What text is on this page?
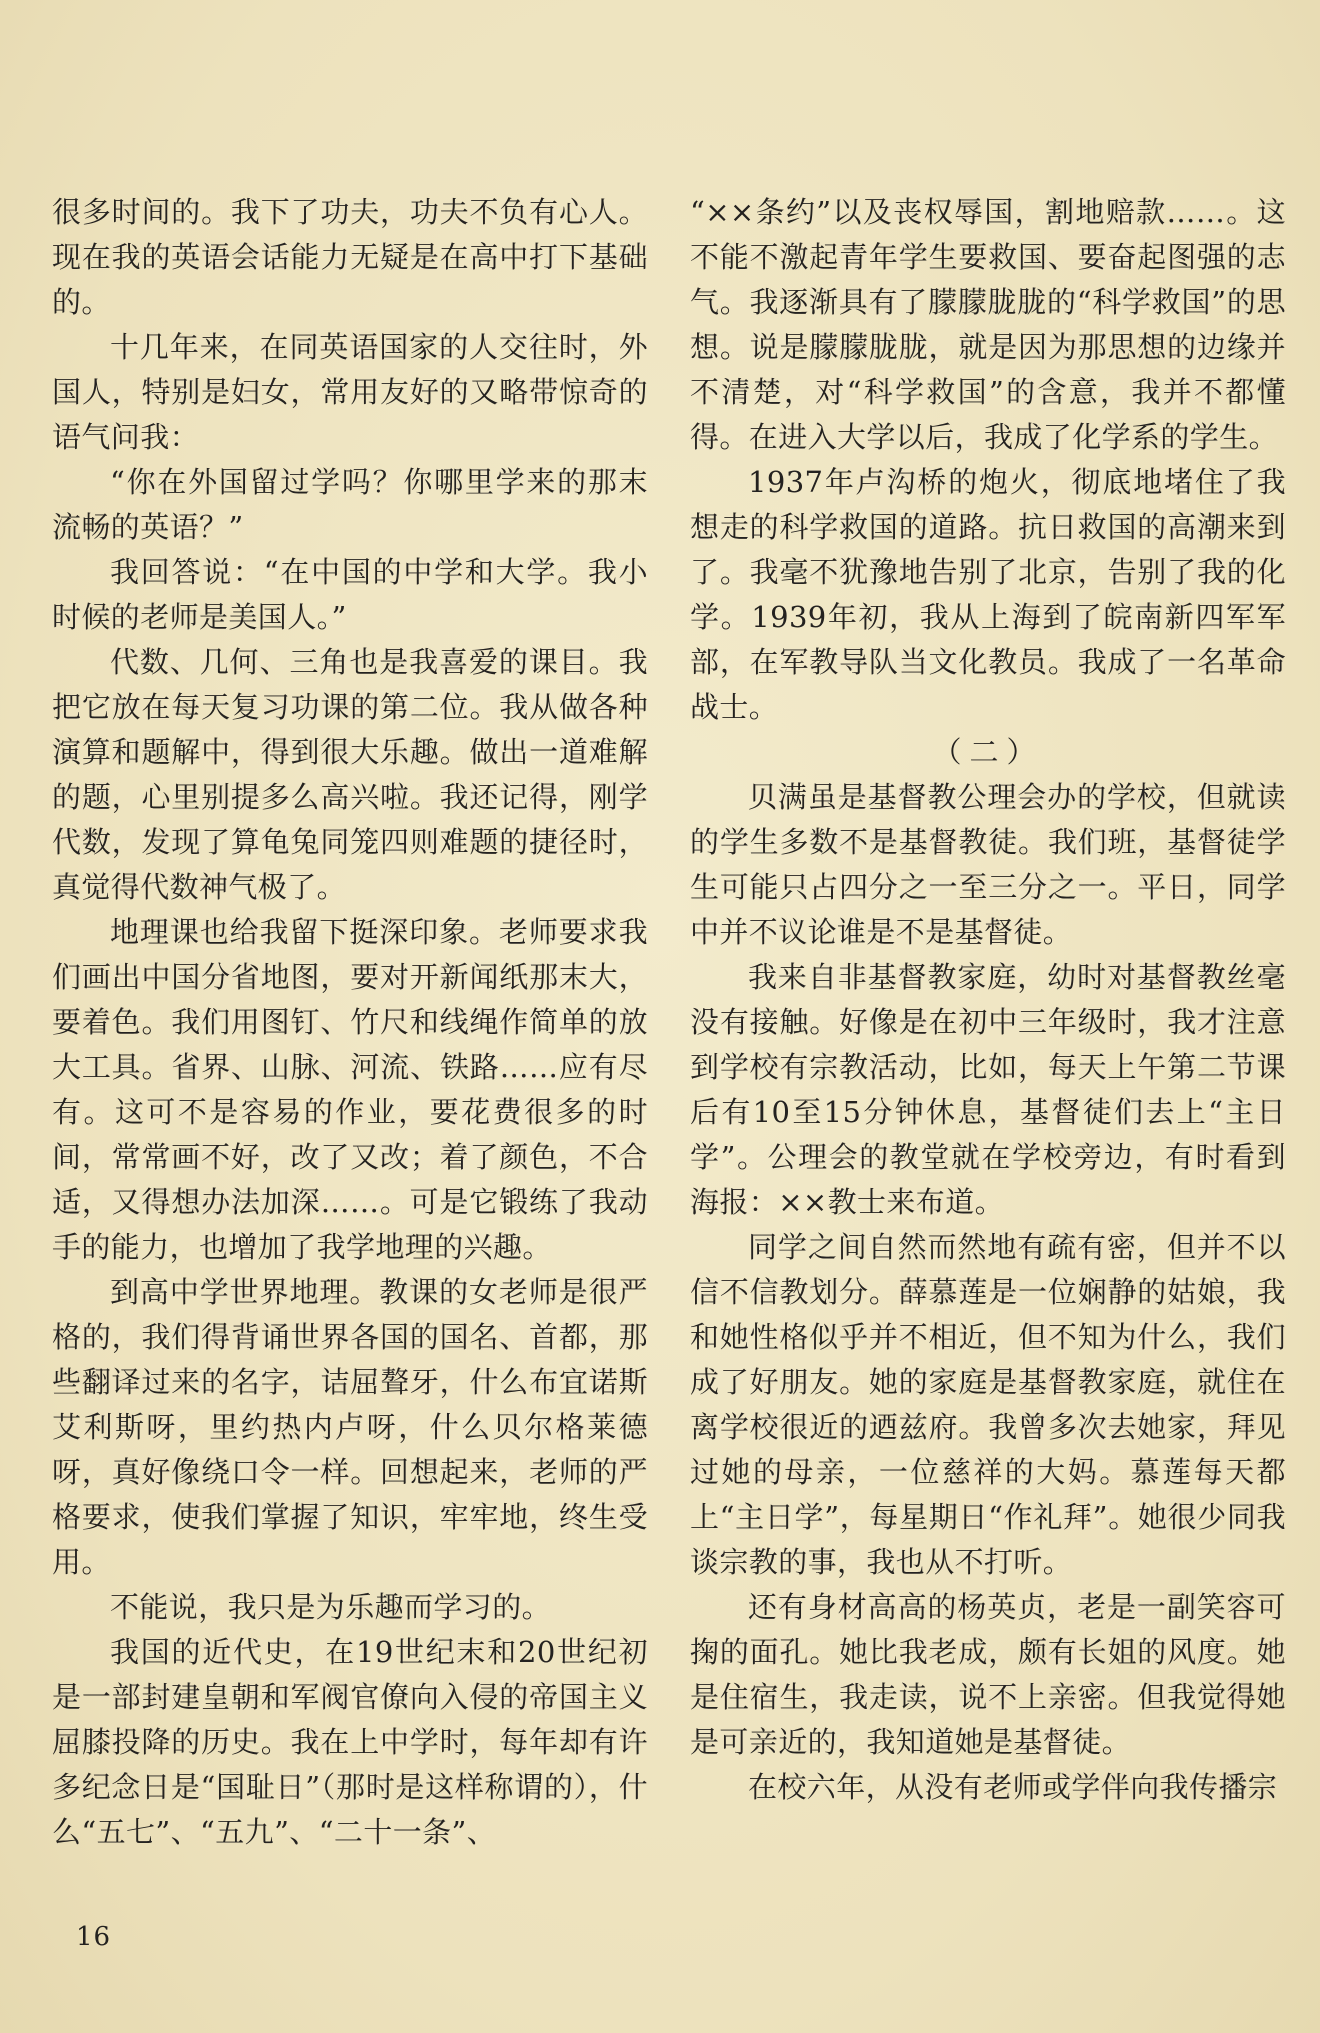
很多时间的。我下了功夫，功夫不负有心人。现在我的英语会话能力无疑是在高中打下基础的。

十几年来，在同英语国家的人交往时，外国人，特别是妇女，常用友好的又略带惊奇的语气问我：

“你在外国留过学吗？你哪里学来的那末流畅的英语？”

我回答说：“在中国的中学和大学。我小时候的老师是美国人。”

代数、几何、三角也是我喜爱的课目。我把它放在每天复习功课的第二位。我从做各种演算和题解中，得到很大乐趣。做出一道难解的题，心里别提多么高兴啦。我还记得，刚学代数，发现了算龟兔同笼四则难题的捷径时，真觉得代数神气极了。

地理课也给我留下挺深印象。老师要求我们画出中国分省地图，要对开新闻纸那末大，要着色。我们用图钉、竹尺和线绳作简单的放大工具。省界、山脉、河流、铁路……应有尽有。这可不是容易的作业，要花费很多的时间，常常画不好，改了又改；着了颜色，不合适，又得想办法加深……。可是它锻练了我动手的能力，也增加了我学地理的兴趣。

到高中学世界地理。教课的女老师是很严格的，我们得背诵世界各国的国名、首都，那些翻译过来的名字，诘屈聱牙，什么布宜诺斯艾利斯呀，里约热内卢呀，什么贝尔格莱德呀，真好像绕口令一样。回想起来，老师的严格要求，使我们掌握了知识，牢牢地，终生受用。

不能说，我只是为乐趣而学习的。

我国的近代史，在19世纪末和20世纪初是一部封建皇朝和军阀官僚向入侵的帝国主义屈膝投降的历史。我在上中学时，每年却有许多纪念日是“国耻日”（那时是这样称谓的），什么“五七”、“五九”、“二十一条”、

“××条约”以及丧权辱国，割地赔款……。这不能不激起青年学生要救国、要奋起图强的志气。我逐渐具有了朦朦胧胧的“科学救国”的思想。说是朦朦胧胧，就是因为那思想的边缘并不清楚，对“科学救国”的含意，我并不都懂得。在进入大学以后，我成了化学系的学生。

1937年卢沟桥的炮火，彻底地堵住了我想走的科学救国的道路。抗日救国的高潮来到了。我毫不犹豫地告别了北京，告别了我的化学。1939年初，我从上海到了皖南新四军军部，在军教导队当文化教员。我成了一名革命战士。

（二）

贝满虽是基督教公理会办的学校，但就读的学生多数不是基督教徒。我们班，基督徒学生可能只占四分之一至三分之一。平日，同学中并不议论谁是不是基督徒。

我来自非基督教家庭，幼时对基督教丝毫没有接触。好像是在初中三年级时，我才注意到学校有宗教活动，比如，每天上午第二节课后有10至15分钟休息，基督徒们去上“主日学”。公理会的教堂就在学校旁边，有时看到海报：××教士来布道。

同学之间自然而然地有疏有密，但并不以信不信教划分。薛慕莲是一位娴静的姑娘，我和她性格似乎并不相近，但不知为什么，我们成了好朋友。她的家庭是基督教家庭，就住在离学校很近的迺兹府。我曾多次去她家，拜见过她的母亲，一位慈祥的大妈。慕莲每天都上“主日学”，每星期日“作礼拜”。她很少同我谈宗教的事，我也从不打听。

还有身材高高的杨英贞，老是一副笑容可掬的面孔。她比我老成，颇有长姐的风度。她是住宿生，我走读，说不上亲密。但我觉得她是可亲近的，我知道她是基督徒。

在校六年，从没有老师或学伴向我传播宗

16
